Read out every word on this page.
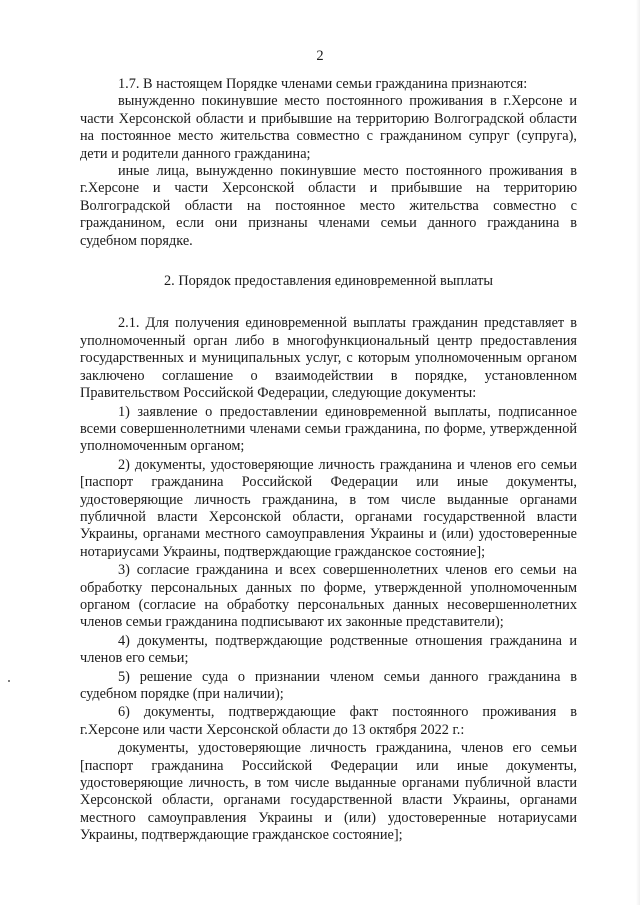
2

1.7. В настоящем Порядке членами семьи гражданина признаются:

вынужденно покинувшие место постоянного проживания в г.Херсоне и части Херсонской области и прибывшие на территорию Волгоградской области на постоянное место жительства совместно с гражданином супруг (супруга), дети и родители данного гражданина;

иные лица, вынужденно покинувшие место постоянного проживания в г.Херсоне и части Херсонской области и прибывшие на территорию Волгоградской области на постоянное место жительства совместно с гражданином, если они признаны членами семьи данного гражданина в судебном порядке.

2. Порядок предоставления единовременной выплаты

2.1. Для получения единовременной выплаты гражданин представляет в уполномоченный орган либо в многофункциональный центр предоставления государственных и муниципальных услуг, с которым уполномоченным органом заключено соглашение о взаимодействии в порядке, установленном Правительством Российской Федерации, следующие документы:

1) заявление о предоставлении единовременной выплаты, подписанное всеми совершеннолетними членами семьи гражданина, по форме, утвержденной уполномоченным органом;

2) документы, удостоверяющие личность гражданина и членов его семьи [паспорт гражданина Российской Федерации или иные документы, удостоверяющие личность гражданина, в том числе выданные органами публичной власти Херсонской области, органами государственной власти Украины, органами местного самоуправления Украины и (или) удостоверенные нотариусами Украины, подтверждающие гражданское состояние];

3) согласие гражданина и всех совершеннолетних членов его семьи на обработку персональных данных по форме, утвержденной уполномоченным органом (согласие на обработку персональных данных несовершеннолетних членов семьи гражданина подписывают их законные представители);

4) документы, подтверждающие родственные отношения гражданина и членов его семьи;

5) решение суда о признании членом семьи данного гражданина в судебном порядке (при наличии);

6) документы, подтверждающие факт постоянного проживания в г.Херсоне или части Херсонской области до 13 октября 2022 г.:

документы, удостоверяющие личность гражданина, членов его семьи [паспорт гражданина Российской Федерации или иные документы, удостоверяющие личность, в том числе выданные органами публичной власти Херсонской области, органами государственной власти Украины, органами местного самоуправления Украины и (или) удостоверенные нотариусами Украины, подтверждающие гражданское состояние];
